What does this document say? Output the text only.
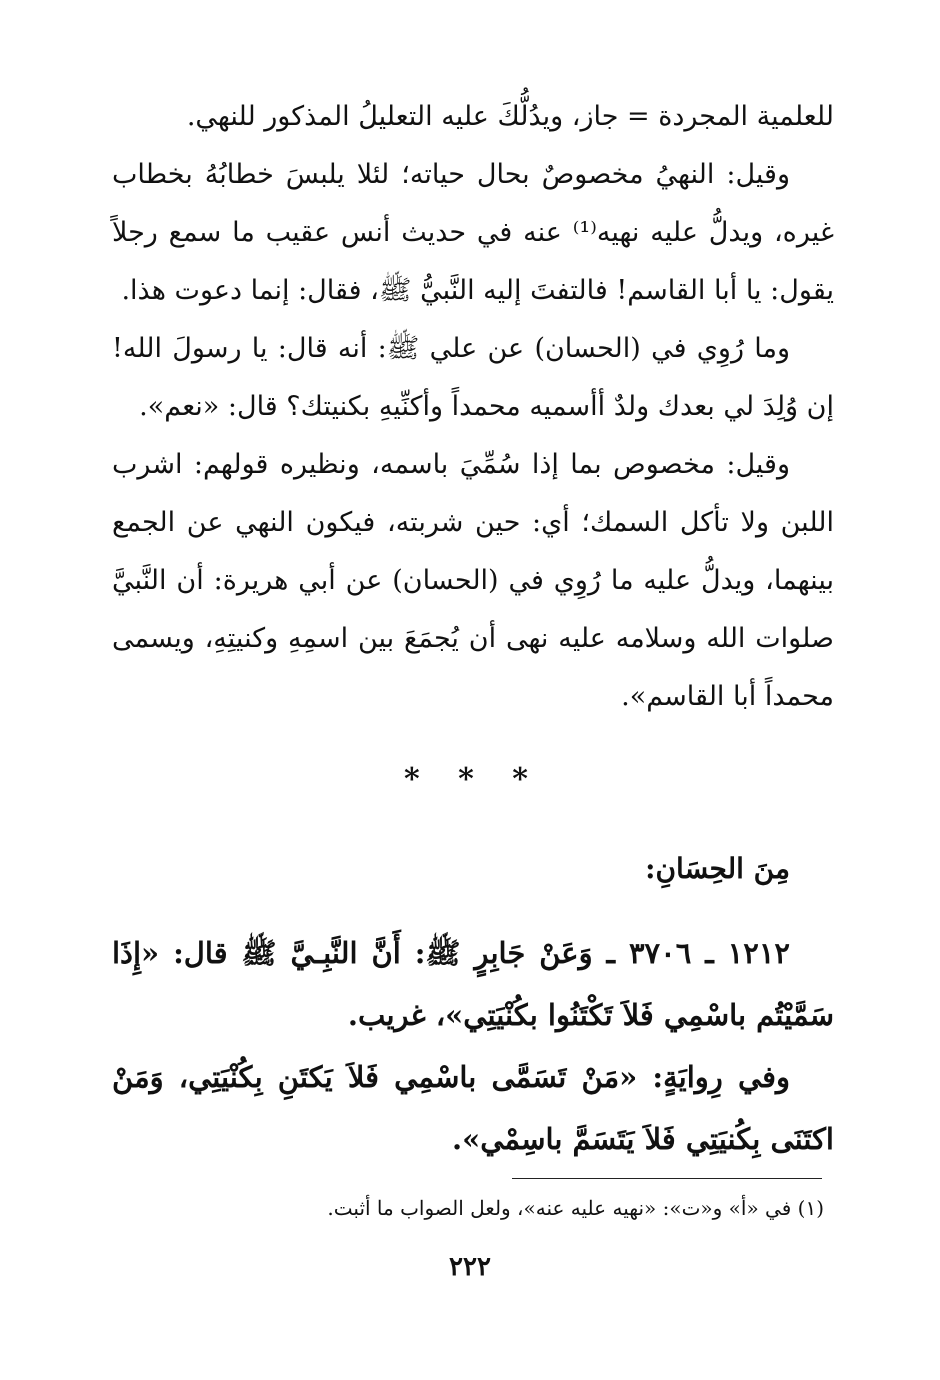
للعلمية المجردة = جاز، ويدُلُّكَ عليه التعليلُ المذكور للنهي.

وقيل: النهيُ مخصوصٌ بحال حياته؛ لئلا يلبسَ خطابُهُ بخطاب غيره، ويدلُّ عليه نهيه⁽¹⁾ عنه في حديث أنس عقيب ما سمع رجلاً يقول: يا أبا القاسم! فالتفتَ إليه النَّبيُّ ﷺ، فقال: إنما دعوت هذا.

وما رُوِي في (الحسان) عن علي ﷺ: أنه قال: يا رسولَ الله! إن وُلِدَ لي بعدك ولدٌ أأسميه محمداً وأكنِّيهِ بكنيتك؟ قال: «نعم».

وقيل: مخصوص بما إذا سُمِّيَ باسمه، ونظيره قولهم: اشرب اللبن ولا تأكل السمك؛ أي: حين شربته، فيكون النهي عن الجمع بينهما، ويدلُّ عليه ما رُوِي في (الحسان) عن أبي هريرة: أن النَّبيَّ صلوات الله وسلامه عليه نهى أن يُجمَعَ بين اسمِهِ وكنيتِهِ، ويسمى محمداً أبا القاسم».

* * *
مِنَ الحِسَانِ:

١٢١٢ ـ ٣٧٠٦ ـ وَعَنْ جَابِرٍ ﷺ: أَنَّ النَّبِـيَّ ﷺ قال: «إِذَا سَمَّيْتُم باسْمِي فَلاَ تَكْتَنُوا بكُنْيَتِي»، غريب.

وفي رِوايَةٍ: «مَنْ تَسَمَّى باسْمِي فَلاَ يَكتَنِ بِكُنْيَتِي، وَمَنْ اكتَنَى بِكُنيَتِي فَلاَ يَتَسَمَّ باسِمْي».

(١) في «أ» و«ت»: «نهيه عليه عنه»، ولعل الصواب ما أثبت.
٢٢٢
